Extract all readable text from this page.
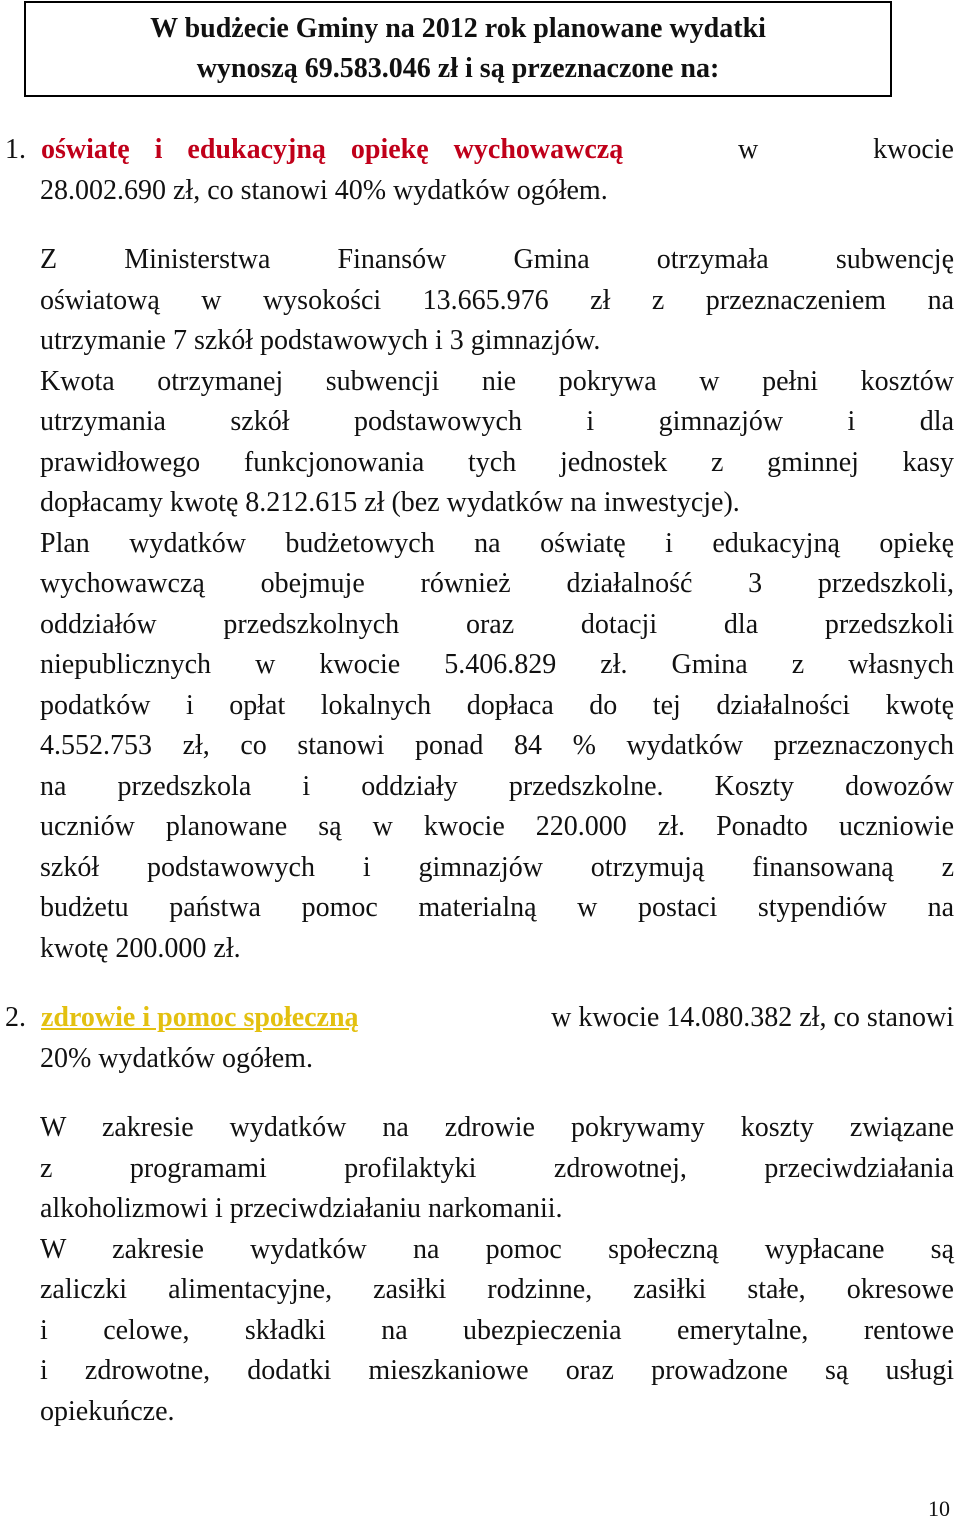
W budżecie Gminy na 2012 rok planowane wydatki
wynoszą 69.583.046 zł i są przeznaczone na:
1. oświatę i edukacyjną opiekę wychowawczą	w	kwocie
28.002.690 zł, co stanowi 40% wydatków ogółem.
Z Ministerstwa Finansów Gmina otrzymała subwencję
oświatową w wysokości 13.665.976 zł z przeznaczeniem na
utrzymanie 7 szkół podstawowych i 3 gimnazjów.
Kwota otrzymanej subwencji nie pokrywa w pełni kosztów
utrzymania szkół podstawowych i gimnazjów i dla
prawidłowego funkcjonowania tych jednostek z gminnej kasy
dopłacamy kwotę 8.212.615 zł (bez wydatków na inwestycje).
Plan wydatków budżetowych na oświatę i edukacyjną opiekę
wychowawczą obejmuje również działalność 3 przedszkoli,
oddziałów przedszkolnych oraz dotacji dla przedszkoli
niepublicznych w kwocie 5.406.829 zł. Gmina z własnych
podatków i opłat lokalnych dopłaca do tej działalności kwotę
4.552.753 zł, co stanowi ponad 84 % wydatków przeznaczonych
na przedszkola i oddziały przedszkolne. Koszty dowozów
uczniów planowane są w kwocie 220.000 zł. Ponadto uczniowie
szkół podstawowych i gimnazjów otrzymują finansowaną z
budżetu państwa pomoc materialną w postaci stypendiów na
kwotę 200.000 zł.
2. zdrowie i pomoc społeczną	w kwocie 14.080.382 zł, co stanowi
20% wydatków ogółem.
W zakresie wydatków na zdrowie pokrywamy koszty związane
z programami profilaktyki zdrowotnej, przeciwdziałania
alkoholizmowi i przeciwdziałaniu narkomanii.
W zakresie wydatków na pomoc społeczną wypłacane są
zaliczki alimentacyjne, zasiłki rodzinne, zasiłki stałe, okresowe
i celowe, składki na ubezpieczenia emerytalne, rentowe
i zdrowotne, dodatki mieszkaniowe oraz prowadzone są usługi
opiekuńcze.
10
